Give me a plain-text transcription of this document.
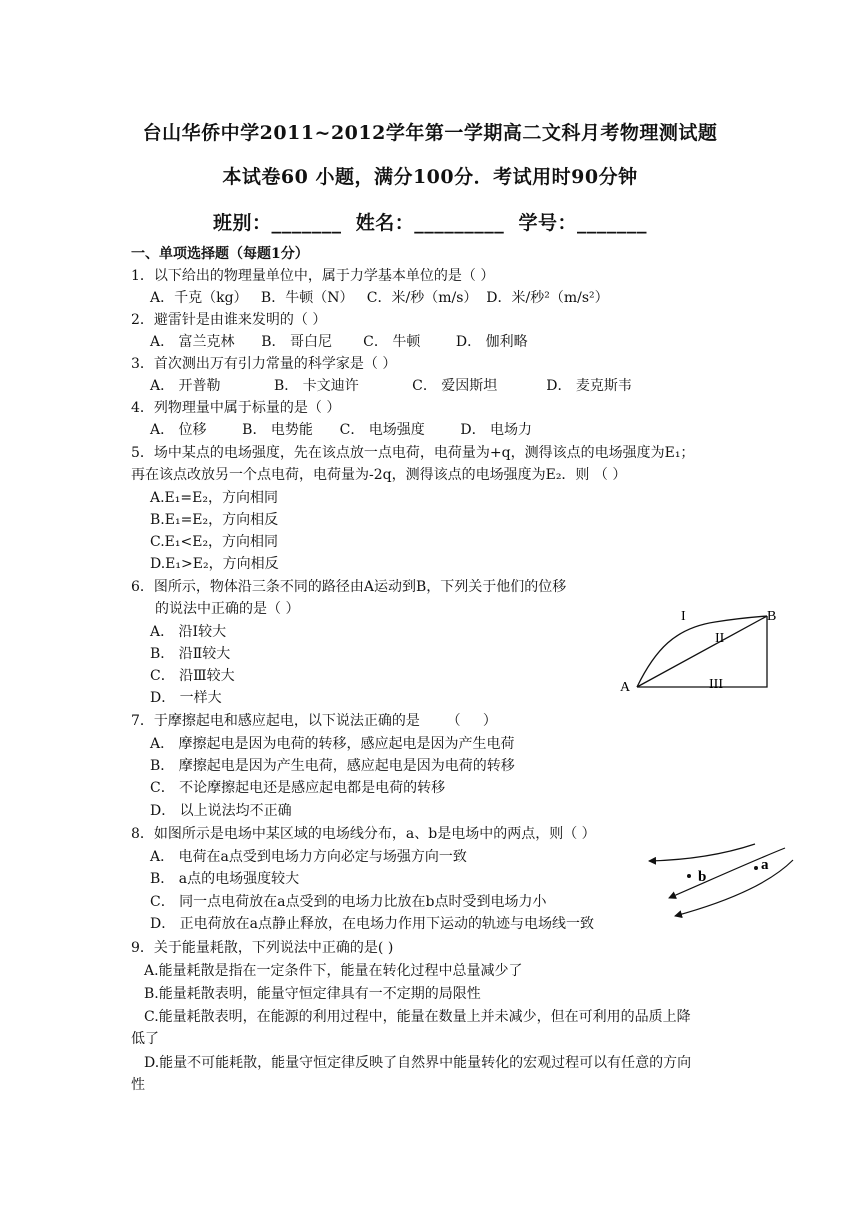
台山华侨中学2011~2012学年第一学期高二文科月考物理测试题
本试卷60 小题，满分100分．考试用时90分钟
班别：_______  姓名：_________  学号：_______
一、单项选择题（每题1分）
1．以下给出的物理量单位中，属于力学基本单位的是（ ）
A．千克（kg）   B．牛顿（N）   C．米/秒（m/s）  D．米/秒²（m/s²）
2．避雷针是由谁来发明的（ ）
A． 富兰克林      B． 哥白尼       C． 牛顿        D． 伽利略
3．首次测出万有引力常量的科学家是（ ）
A． 开普勒            B． 卡文迪许            C． 爱因斯坦           D． 麦克斯韦
4．列物理量中属于标量的是（ ）
A． 位移        B． 电势能      C． 电场强度        D． 电场力
5．场中某点的电场强度，先在该点放一点电荷，电荷量为+q，测得该点的电场强度为E₁；
再在该点改放另一个点电荷，电荷量为-2q，测得该点的电场强度为E₂．则 （ ）
A.E₁=E₂，方向相同
B.E₁=E₂，方向相反
C.E₁<E₂，方向相同
D.E₁>E₂，方向相反
6．图所示，物体沿三条不同的路径由A运动到B，下列关于他们的位移
的说法中正确的是（ ）
A． 沿Ⅰ较大
B． 沿Ⅱ较大
C． 沿Ⅲ较大
D． 一样大
A
B
I
II
III
7．于摩擦起电和感应起电，以下说法正确的是      （     ）
A． 摩擦起电是因为电荷的转移，感应起电是因为产生电荷
B． 摩擦起电是因为产生电荷，感应起电是因为电荷的转移
C． 不论摩擦起电还是感应起电都是电荷的转移
D． 以上说法均不正确
8．如图所示是电场中某区域的电场线分布，a、b是电场中的两点，则（ ）
A． 电荷在a点受到电场力方向必定与场强方向一致
B． a点的电场强度较大
C． 同一点电荷放在a点受到的电场力比放在b点时受到电场力小
D． 正电荷放在a点静止释放，在电场力作用下运动的轨迹与电场线一致
b
a
9．关于能量耗散，下列说法中正确的是( )
A.能量耗散是指在一定条件下，能量在转化过程中总量减少了
B.能量耗散表明，能量守恒定律具有一不定期的局限性
C.能量耗散表明，在能源的利用过程中，能量在数量上并未减少，但在可利用的品质上降
低了
D.能量不可能耗散，能量守恒定律反映了自然界中能量转化的宏观过程可以有任意的方向
性
